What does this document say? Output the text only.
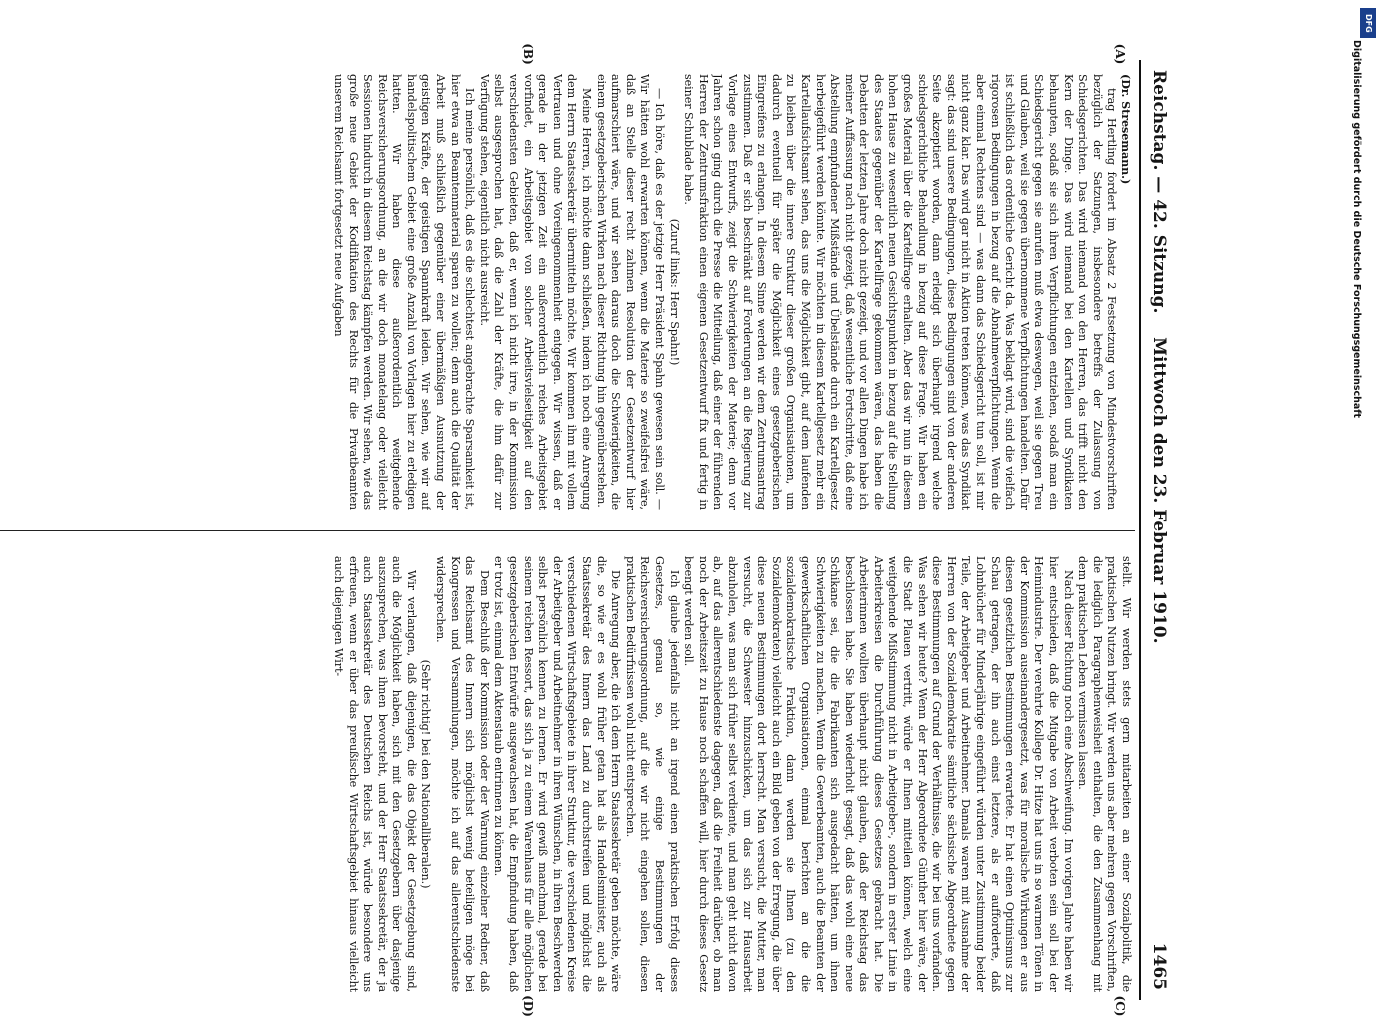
Reichstag. — 42. Sitzung.    Mittwoch den 23. Februar 1910.
1465

(Dr. Stresemann.)

trag Hertling fordert im Absatz 2 Festsetzung von Mindestvorschriften bezüglich der Satzungen, insbesondere betreffs der Zulassung von Schiedsgerichten. Das wird niemand von den Herren, das trifft nicht den Kern der Dinge. Das wird niemand bei den Kartellen und Syndikaten behaupten, sodaß sie sich ihren Verpflichtungen entziehen, sodaß man ein Schiedsgericht gegen sie anrufen muß etwa deswegen, weil sie gegen Treu und Glauben, weil sie gegen übernommene Verpflichtungen handelten. Dafür ist schließlich das ordentliche Gericht da. Was beklagt wird, sind die vielfach rigorosen Bedingungen in bezug auf die Abnahmeverpflichtungen. Wenn die aber einmal Rechtens sind — was dann das Schiedsgericht tun soll, ist mir nicht ganz klar. Das wird gar nicht in Aktion treten können, was das Syndikat sagt: das sind unsere Bedingungen, diese Bedingungen sind von der anderen Seite akzeptiert worden, dann erledigt sich überhaupt irgend welche schiedsgerichtliche Behandlung in bezug auf diese Frage. Wir haben ein großes Material über die Kartellfrage erhalten. Aber das wir nun in diesem hohen Hause zu wesentlich neuen Gesichtspunkten in bezug auf die Stellung des Staates gegenüber der Kartellfrage gekommen wären, das haben die Debatten der letzten Jahre doch nicht gezeigt, und vor allen Dingen habe ich meiner Auffassung nach nicht gezeigt, daß wesentliche Fortschritte, daß eine Abstellung empfundener Mißstände und Übelstände durch ein Kartellgesetz herbeigeführt werden könnte. Wir möchten in diesem Kartellgesetz mehr ein Kartellaufsichtsamt sehen, das uns die Möglichkeit gibt, auf dem laufenden zu bleiben über die innere Struktur dieser großen Organisationen, um dadurch eventuell für später die Möglichkeit eines gesetzgeberischen Eingreifens zu erlangen. In diesem Sinne werden wir dem Zentrumsantrag zustimmen. Daß er sich beschränkt auf Forderungen an die Regierung zur Vorlage eines Entwurfs, zeigt die Schwierigkeiten der Materie; denn vor Jahren schon ging durch die Presse die Mitteilung, daß einer der führenden Herren der Zentrumsfraktion einen eigenen Gesetzentwurf fix und fertig in seiner Schublade habe.

(Zuruf links: Herr Spahn!)

— Ich höre, daß es der jetzige Herr Präsident Spahn gewesen sein soll. — Wir hätten wohl erwarten können, wenn die Materie so zweifelsfrei wäre, daß an Stelle dieser recht zahmen Resolution der Gesetzentwurf hier aufmarschiert wäre, und wir sehen daraus doch die Schwierigkeiten, die einem gesetzgeberischen Wirken nach dieser Richtung hin gegenüberstehen.

Meine Herren, ich möchte dann schließen, indem ich noch eine Anregung dem Herrn Staatssekretär übermitteln möchte. Wir kommen ihm mit vollem Vertrauen und ohne Voreingenommenheit entgegen. Wir wissen, daß er gerade in der jetzigen Zeit ein außerordentlich reiches Arbeitsgebiet vorfindet, ein Arbeitsgebiet von solcher Arbeitsvielseitigkeit auf den verschiedensten Gebieten, daß er, wenn ich nicht irre, in der Kommission selbst ausgesprochen hat, daß die Zahl der Kräfte, die ihm dafür zur Verfügung stehen, eigentlich nicht ausreicht.

Ich meine persönlich, daß es die schlechtest angebrachte Sparsamkeit ist, hier etwa an Beamtenmaterial sparen zu wollen; denn auch die Qualität der Arbeit muß schließlich gegenüber einer übermäßigen Ausnutzung der geistigen Kräfte, der geistigen Spannkraft leiden. Wir sehen, wie wir auf handelspolitischem Gebiet eine große Anzahl von Vorlagen hier zu erledigen hatten. Wir haben diese außerordentlich weitgehende Reichsversicherungsordnung, an die wir doch monatelang oder vielleicht Sessionen hindurch in diesem Reichstag kämpfen werden. Wir sehen, wie das große neue Gebiet der Kodifikation des Rechts für die Privatbeamten unserem Reichsamt fortgesetzt neue Aufgaben

stellt. Wir werden stets gern mitarbeiten an einer Sozialpolitik, die praktischen Nutzen bringt. Wir werden uns aber mehren gegen Vorschriften, die lediglich Paragraphenweisheit enthalten, die den Zusammenhang mit dem praktischen Leben vermissen lassen.

Nach dieser Richtung noch eine Abschweifung. Im vorigen Jahre haben wir hier entschieden, daß die Mitgabe von Arbeit verboten sein soll bei der Heimindustrie. Der verehrte Kollege Dr. Hitze hat uns in so warmen Tönen in der Kommission auseinandergesetzt, was für moralische Wirkungen er aus diesen gesetzlichen Bestimmungen erwartete. Er hat einen Optimismus zur Schau getragen, der ihn auch einst letztere, als er aufforderte, daß Lohnbücher für Minderjährige eingeführt würden unter Zustimmung beider Teile, der Arbeitgeber und Arbeitnehmer. Damals waren mit Ausnahme der Herren von der Sozialdemokratie sämtliche sächsische Abgeordnete gegen diese Bestimmungen auf Grund der Verhältnisse, die wir bei uns vorfanden. Was sehen wir heute? Wenn der Herr Abgeordnete Günther hier wäre, der die Stadt Plauen vertritt, würde er Ihnen mitteilen können, welch eine weitgehende Mißstimmung nicht in Arbeitgeber-, sondern in erster Linie in Arbeiterkreisen die Durchführung dieses Gesetzes gebracht hat. Die Arbeiterinnen wollten überhaupt nicht glauben, daß der Reichstag das beschlossen habe. Sie haben wiederholt gesagt, daß das wohl eine neue Schikane sei, die die Fabrikanten sich ausgedacht hätten, um ihnen Schwierigkeiten zu machen. Wenn die Gewerbeamten, auch die Beamten der gewerkschaftlichen Organisationen, einmal berichten an die die sozialdemokratische Fraktion, dann werden sie Ihnen (zu den Sozialdemokraten) vielleicht auch ein Bild geben von der Erregung, die über diese neuen Bestimmungen dort herrscht. Man versucht, die Mutter, man versucht, die Schwester hinzuschicken, um das sich zur Hausarbeit abzuholen, was man sich früher selbst verdiente, und man geht nicht davon ab, auf das allerentschiedenste dagegen, daß die Freiheit darüber, ob man noch der Arbeitszeit zu Hause noch schaffen will, hier durch dieses Gesetz beengt werden soll.

Ich glaube jedenfalls nicht an irgend einen praktischen Erfolg dieses Gesetzes, genau so, wie einige Bestimmungen der Reichsversicherungsordnung, auf die wir nicht eingehen sollen, diesen praktischen Bedürfnissen wohl nicht entsprechen.

Die Anregung aber, die ich dem Herrn Staatssekretär geben möchte, wäre die, so wie er es wohl früher getan hat als Handelsminister, auch als Staatssekretär des Innern das Land zu durchstreifen und möglichst die verschiedenen Wirtschaftsgebiete in ihrer Struktur, die verschiedenen Kreise der Arbeitgeber und Arbeitnehmer in ihren Wünschen, in ihren Beschwerden selbst persönlich kennen zu lernen. Er wird gewiß manchmal, gerade bei seinem reichen Ressort, das sich ja zu einem Warenhaus für alle möglichen gesetzgeberischen Entwürfe ausgewachsen hat, die Empfindung haben, daß er trotz ist, einmal dem Aktenstaub entrinnen zu können.

Dem Beschluß der Kommission oder der Warnung einzelner Redner, daß das Reichsamt des Innern sich möglichst wenig beteiligen möge bei Kongressen und Versammlungen, möchte ich auf das allerentschiedenste widersprechen.

(Sehr richtig! bei den Nationalliberalen.)

Wir verlangen, daß diejenigen, die das Objekt der Gesetzgebung sind, auch die Möglichkeit haben, sich mit den Gesetzgebern über dasjenige auszusprechen, was ihnen bevorsteht, und der Herr Staatssekretär, der ja auch Staatssekretär des Deutschen Reichs ist, würde besondere uns erfreuen, wenn er über das preußische Wirtschaftsgebiet hinaus vielleicht auch diejenigen Wirt-

(A)
(B)
(C)
(D)
DFG
Digitalisierung gefördert durch die Deutsche Forschungsgemeinschaft
